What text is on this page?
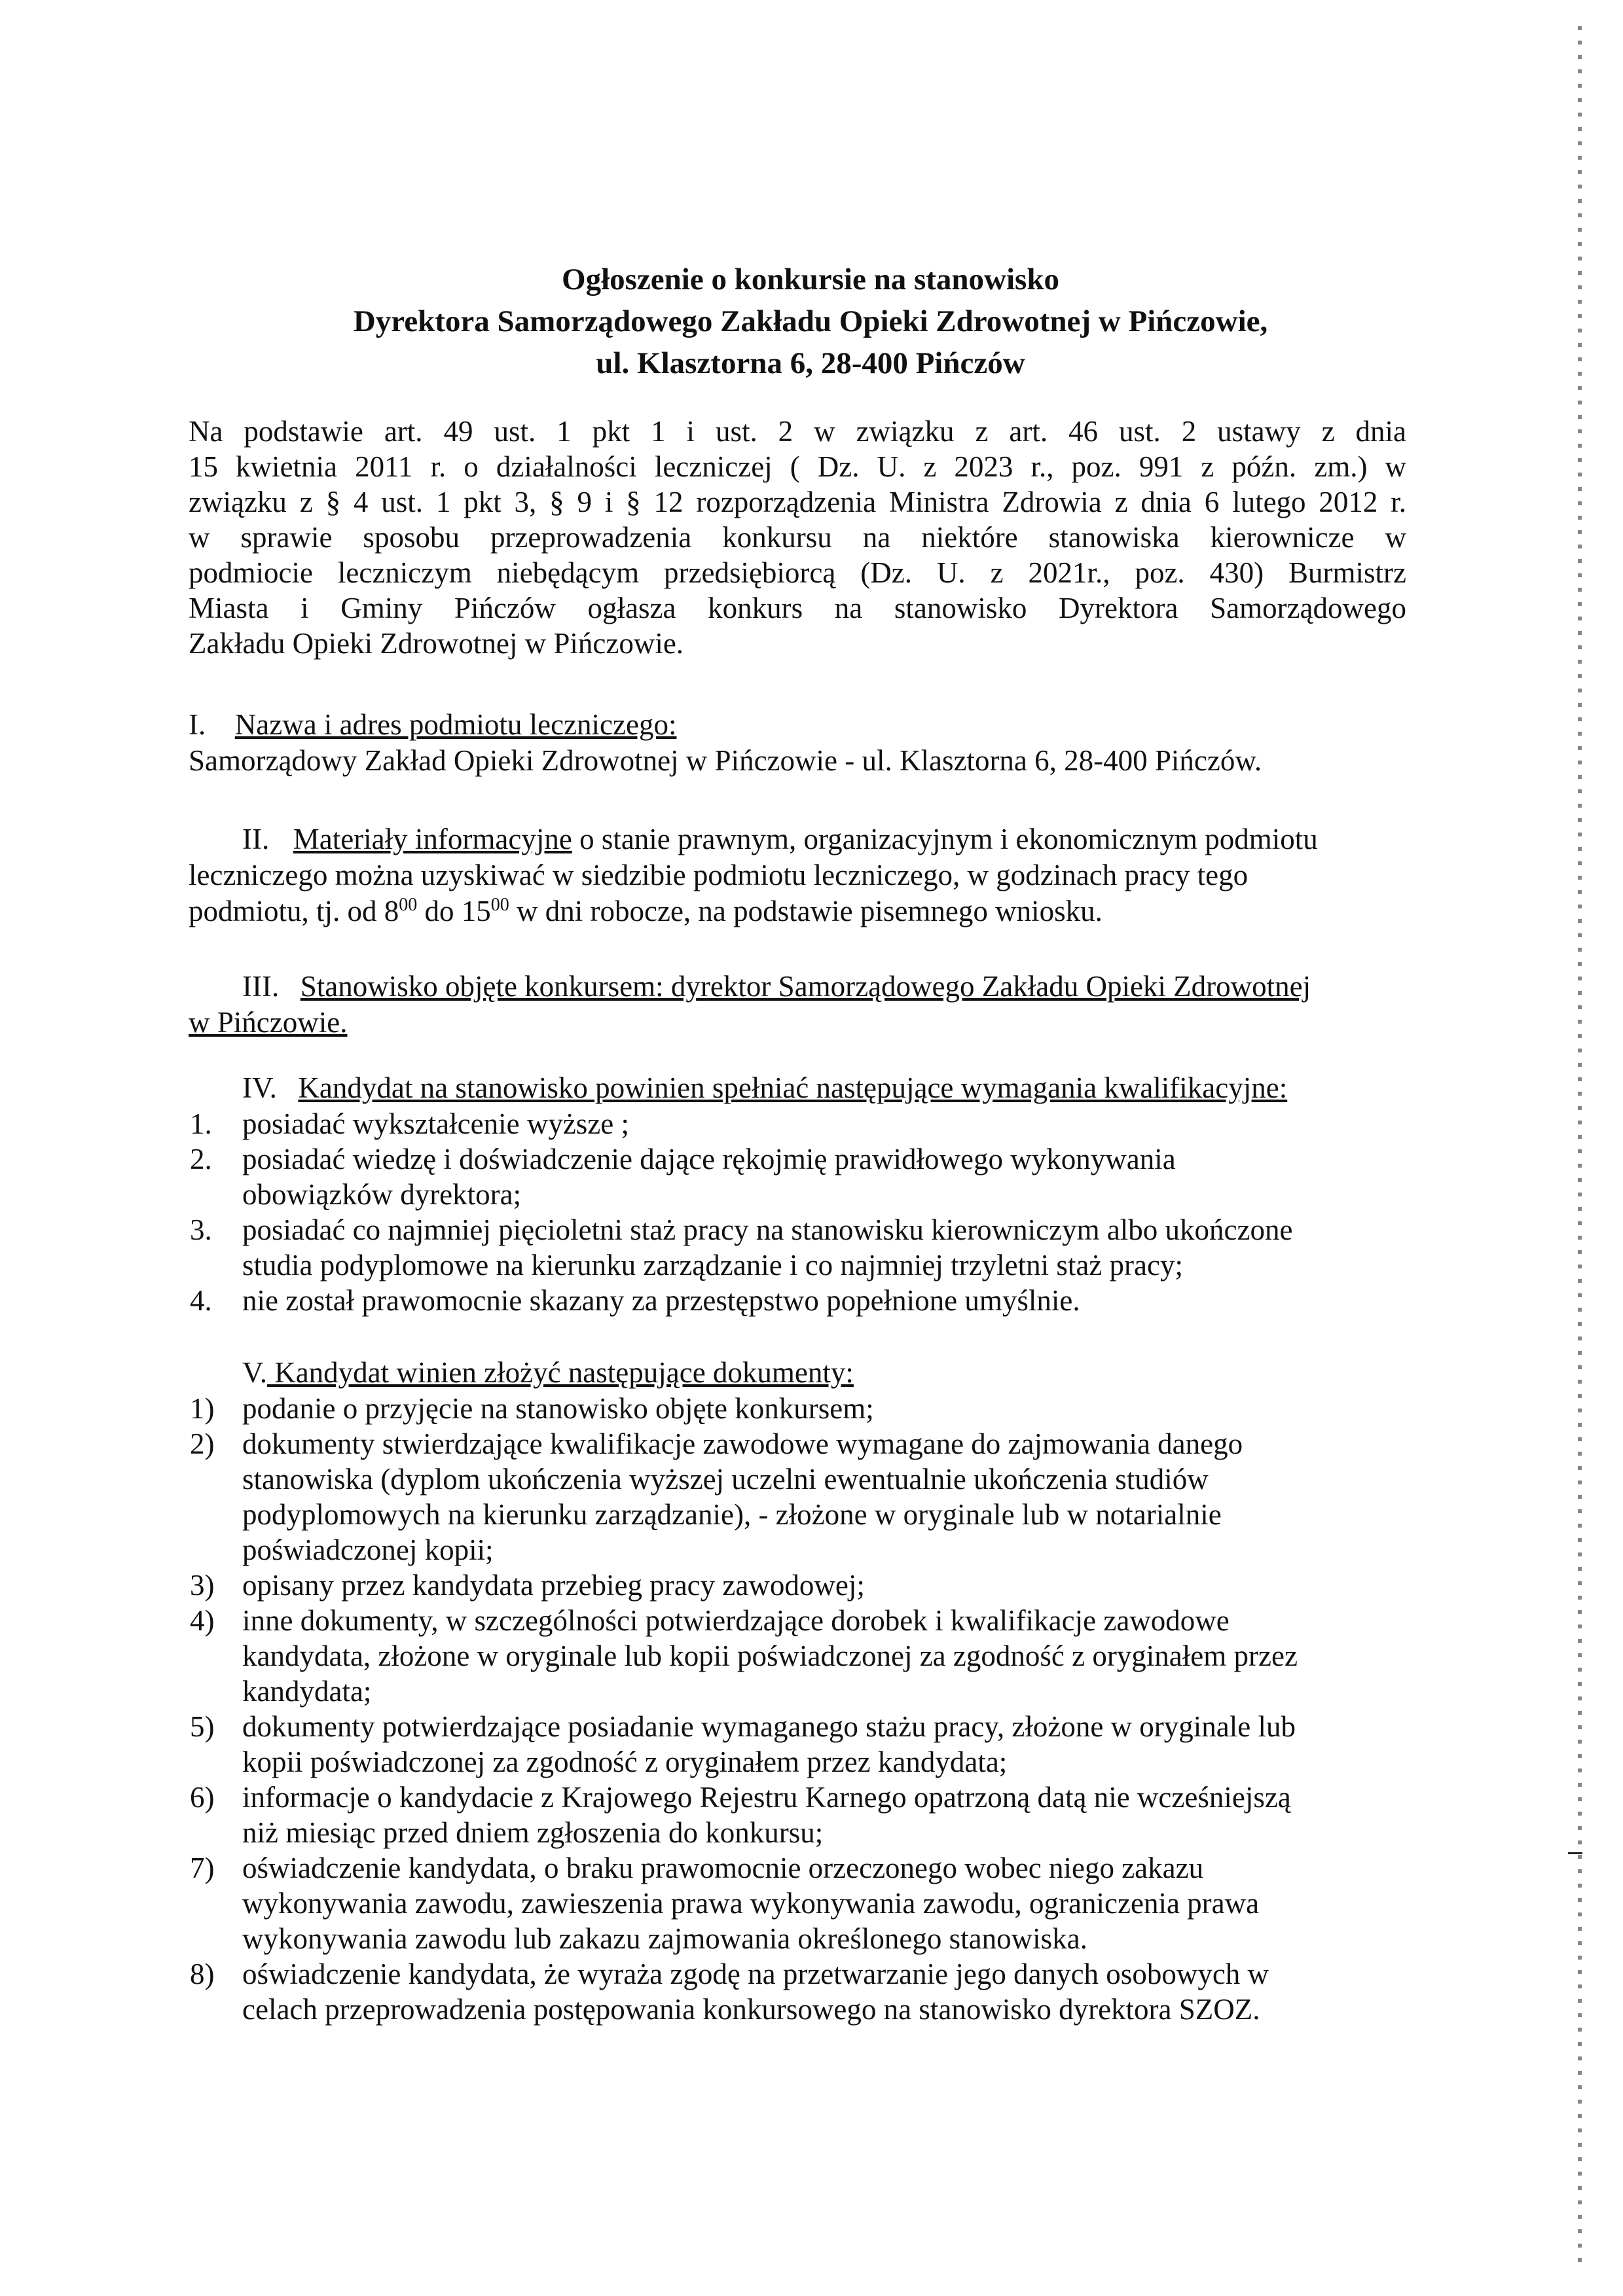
Ogłoszenie o konkursie na stanowisko
Dyrektora Samorządowego Zakładu Opieki Zdrowotnej w Pińczowie,
ul. Klasztorna 6, 28-400 Pińczów
Na podstawie art. 49 ust. 1 pkt 1 i ust. 2 w związku z art. 46 ust. 2 ustawy z dnia
15 kwietnia 2011 r. o działalności leczniczej ( Dz. U. z 2023 r., poz. 991 z późn. zm.) w
związku z § 4 ust. 1 pkt 3, § 9 i § 12 rozporządzenia Ministra Zdrowia z dnia 6 lutego 2012 r.
w sprawie sposobu przeprowadzenia konkursu na niektóre stanowiska kierownicze w
podmiocie leczniczym niebędącym przedsiębiorcą (Dz. U. z 2021r., poz. 430) Burmistrz
Miasta i Gminy Pińczów ogłasza konkurs na stanowisko Dyrektora Samorządowego
Zakładu Opieki Zdrowotnej w Pińczowie.
I. Nazwa i adres podmiotu leczniczego:
Samorządowy Zakład Opieki Zdrowotnej w Pińczowie - ul. Klasztorna 6, 28-400 Pińczów.
II. Materiały informacyjne o stanie prawnym, organizacyjnym i ekonomicznym podmiotu
leczniczego można uzyskiwać w siedzibie podmiotu leczniczego, w godzinach pracy tego
podmiotu, tj. od $8^{00}$ do $15^{00}$ w dni robocze, na podstawie pisemnego wniosku.
III. Stanowisko objęte konkursem: dyrektor Samorządowego Zakładu Opieki Zdrowotnej
w Pińczowie.
IV. Kandydat na stanowisko powinien spełniać następujące wymagania kwalifikacyjne:
1. posiadać wykształcenie wyższe ;
2. posiadać wiedzę i doświadczenie dające rękojmię prawidłowego wykonywania
obowiązków dyrektora;
3. posiadać co najmniej pięcioletni staż pracy na stanowisku kierowniczym albo ukończone
studia podyplomowe na kierunku zarządzanie i co najmniej trzyletni staż pracy;
4. nie został prawomocnie skazany za przestępstwo popełnione umyślnie.
V. Kandydat winien złożyć następujące dokumenty:
1) podanie o przyjęcie na stanowisko objęte konkursem;
2) dokumenty stwierdzające kwalifikacje zawodowe wymagane do zajmowania danego
stanowiska (dyplom ukończenia wyższej uczelni ewentualnie ukończenia studiów
podyplomowych na kierunku zarządzanie), - złożone w oryginale lub w notarialnie
poświadczonej kopii;
3) opisany przez kandydata przebieg pracy zawodowej;
4) inne dokumenty, w szczególności potwierdzające dorobek i kwalifikacje zawodowe
kandydata, złożone w oryginale lub kopii poświadczonej za zgodność z oryginałem przez
kandydata;
5) dokumenty potwierdzające posiadanie wymaganego stażu pracy, złożone w oryginale lub
kopii poświadczonej za zgodność z oryginałem przez kandydata;
6) informacje o kandydacie z Krajowego Rejestru Karnego opatrzoną datą nie wcześniejszą
niż miesiąc przed dniem zgłoszenia do konkursu;
7) oświadczenie kandydata, o braku prawomocnie orzeczonego wobec niego zakazu
wykonywania zawodu, zawieszenia prawa wykonywania zawodu, ograniczenia prawa
wykonywania zawodu lub zakazu zajmowania określonego stanowiska.
8) oświadczenie kandydata, że wyraża zgodę na przetwarzanie jego danych osobowych w
celach przeprowadzenia postępowania konkursowego na stanowisko dyrektora SZOZ.
